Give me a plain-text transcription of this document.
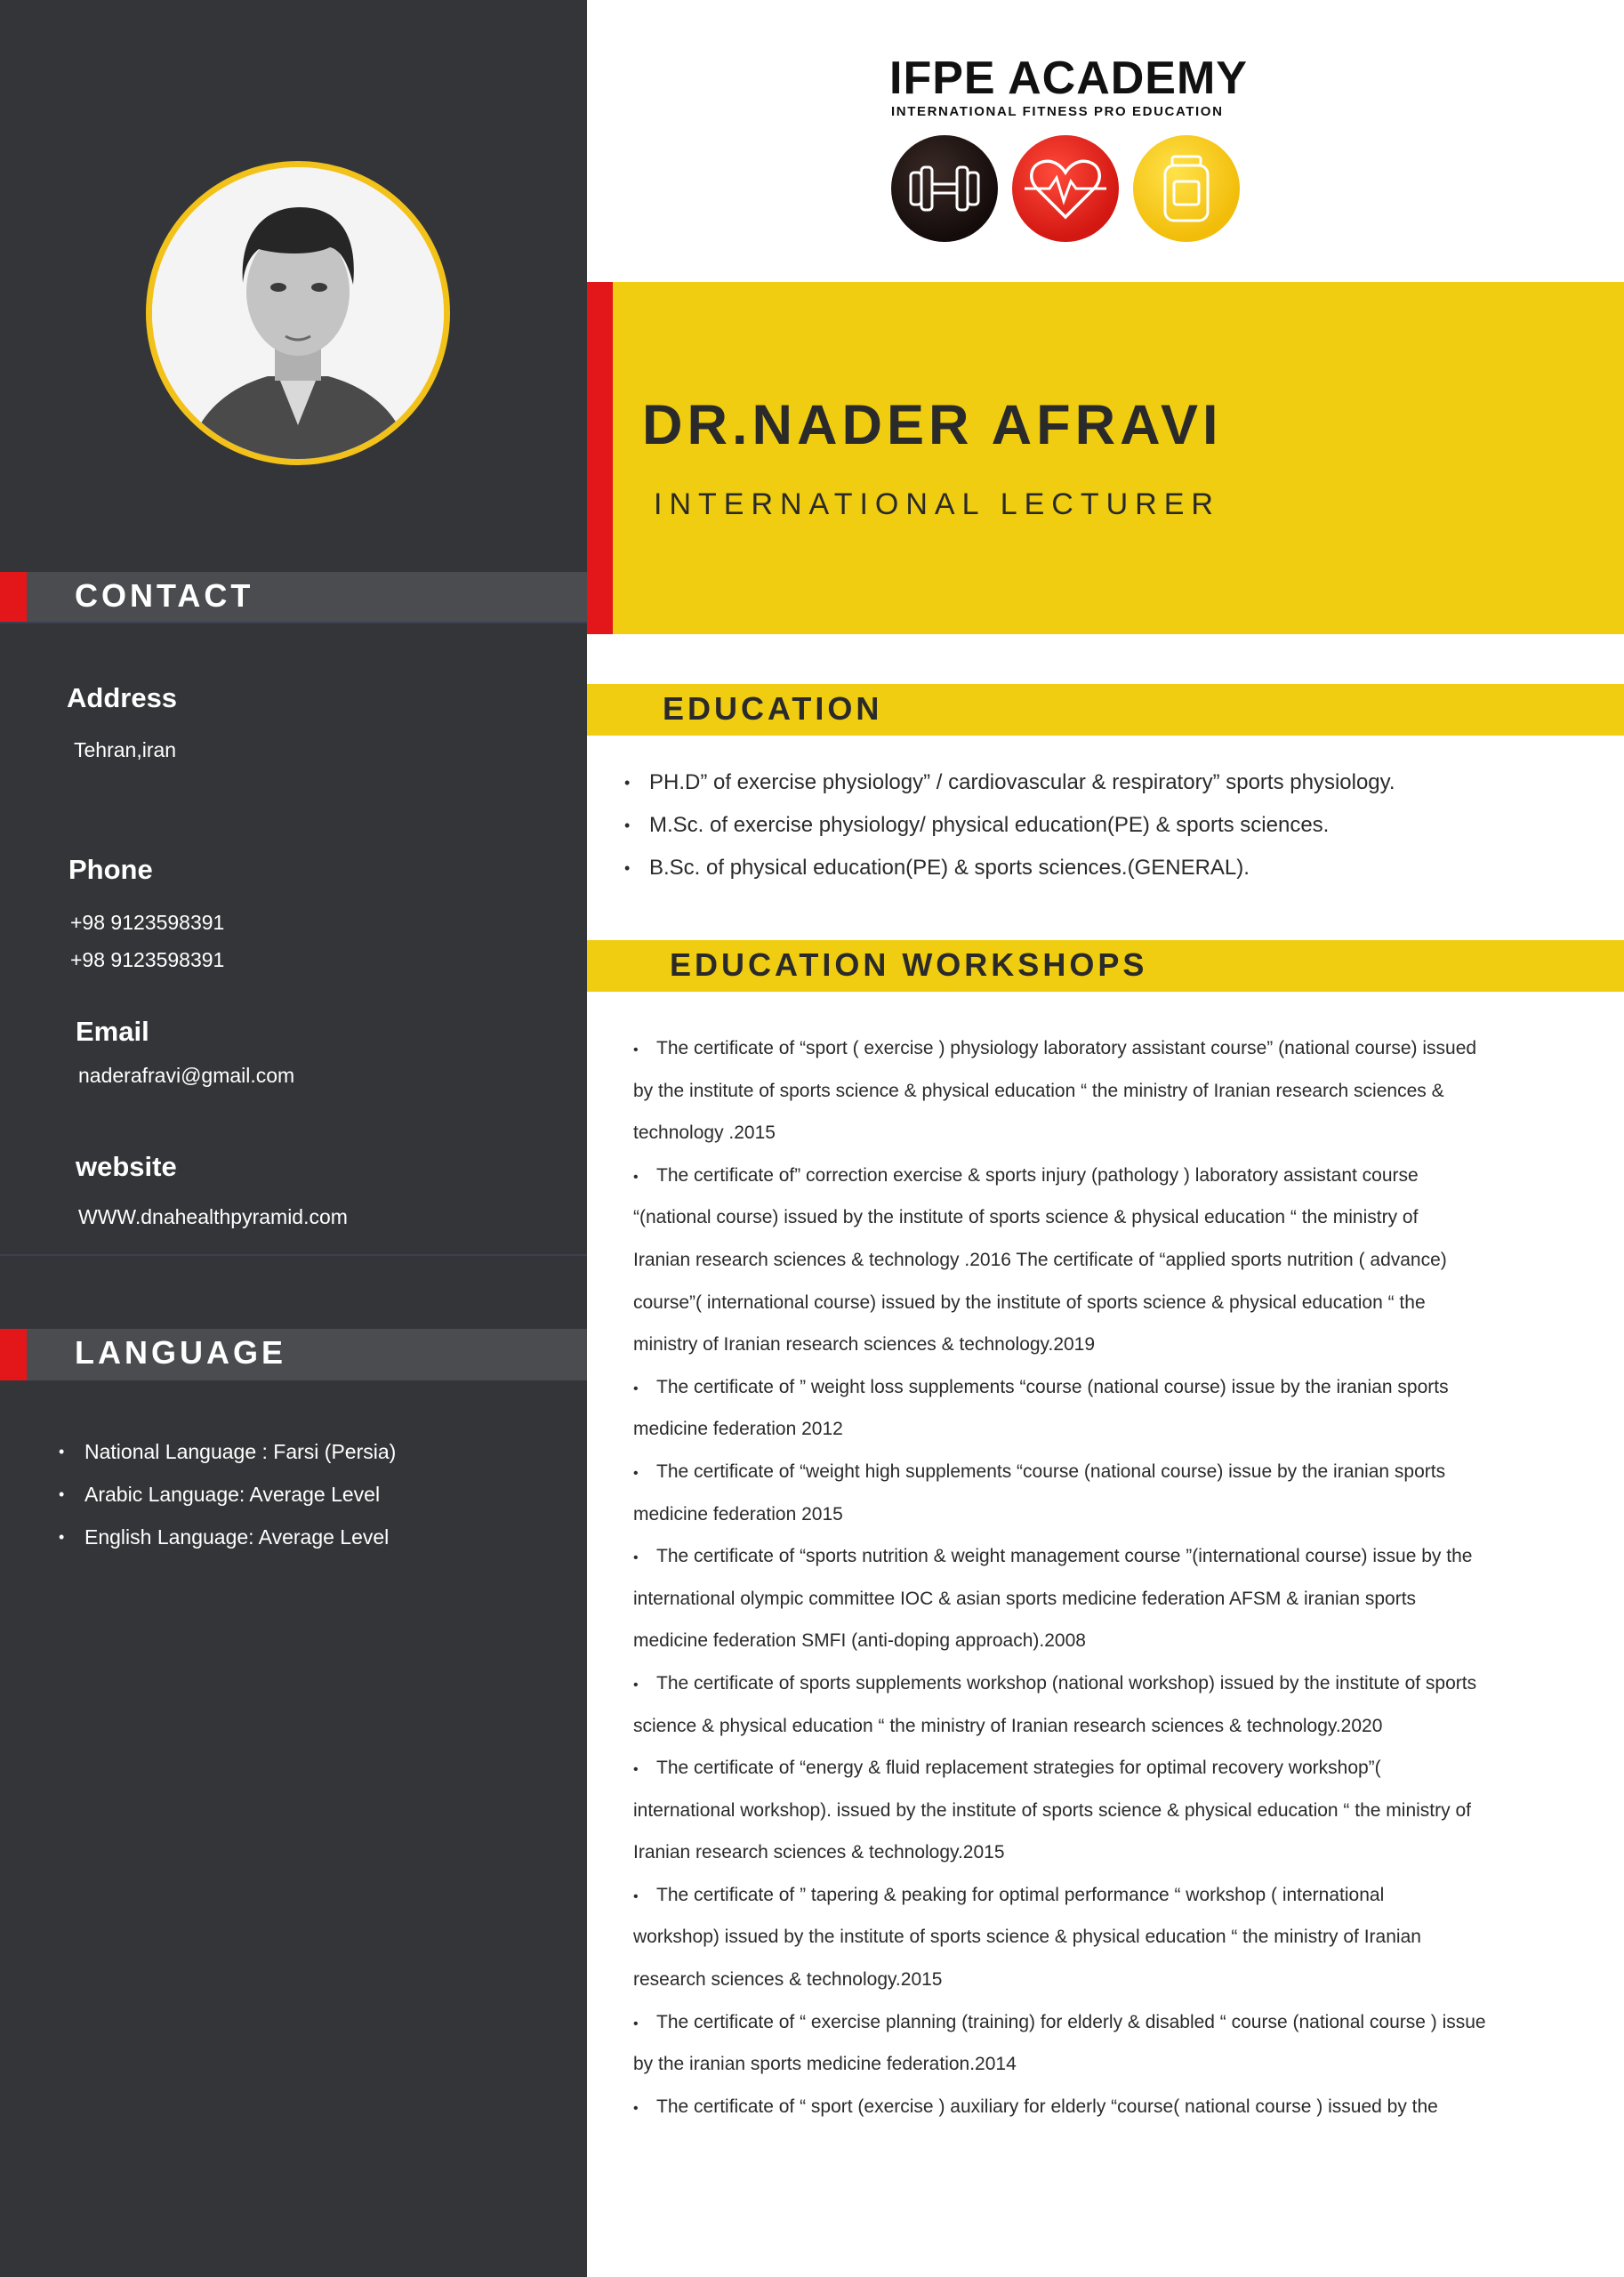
CONTACT
Address
Tehran,iran
Phone
+98 9123598391
+98 9123598391
Email
naderafravi@gmail.com
website
WWW.dnahealthpyramid.com
LANGUAGE
• National Language : Farsi (Persia)
• Arabic Language: Average Level
• English Language: Average Level
IFPE ACADEMY
INTERNATIONAL FITNESS PRO EDUCATION
DR.NADER AFRAVI
INTERNATIONAL LECTURER
EDUCATION
• PH.D” of exercise physiology” / cardiovascular & respiratory” sports physiology.
• M.Sc. of exercise physiology/ physical education(PE) & sports sciences.
• B.Sc. of physical education(PE) & sports sciences.(GENERAL).
EDUCATION WORKSHOPS
• The certificate of “sport ( exercise ) physiology laboratory assistant course” (national course) issued
by the institute of sports science & physical education “ the ministry of Iranian research sciences &
technology .2015
• The certificate of” correction exercise & sports injury (pathology ) laboratory assistant course
“(national course) issued by the institute of sports science & physical education “ the ministry of
Iranian research sciences & technology .2016 The certificate of “applied sports nutrition ( advance)
course”( international course) issued by the institute of sports science & physical education “ the
ministry of Iranian research sciences & technology.2019
• The certificate of ” weight loss supplements “course (national course) issue by the iranian sports
medicine federation 2012
• The certificate of “weight high supplements “course (national course) issue by the iranian sports
medicine federation 2015
• The certificate of “sports nutrition & weight management course ”(international course) issue by the
international olympic committee IOC & asian sports medicine federation AFSM & iranian sports
medicine federation SMFI (anti-doping approach).2008
• The certificate of sports supplements workshop (national workshop) issued by the institute of sports
science & physical education “ the ministry of Iranian research sciences & technology.2020
• The certificate of “energy & fluid replacement strategies for optimal recovery workshop”(
international workshop). issued by the institute of sports science & physical education “ the ministry of
Iranian research sciences & technology.2015
• The certificate of ” tapering & peaking for optimal performance “ workshop ( international
workshop) issued by the institute of sports science & physical education “ the ministry of Iranian
research sciences & technology.2015
• The certificate of “ exercise planning (training) for elderly & disabled “ course (national course ) issue
by the iranian sports medicine federation.2014
• The certificate of “ sport (exercise ) auxiliary for elderly “course( national course ) issued by the
